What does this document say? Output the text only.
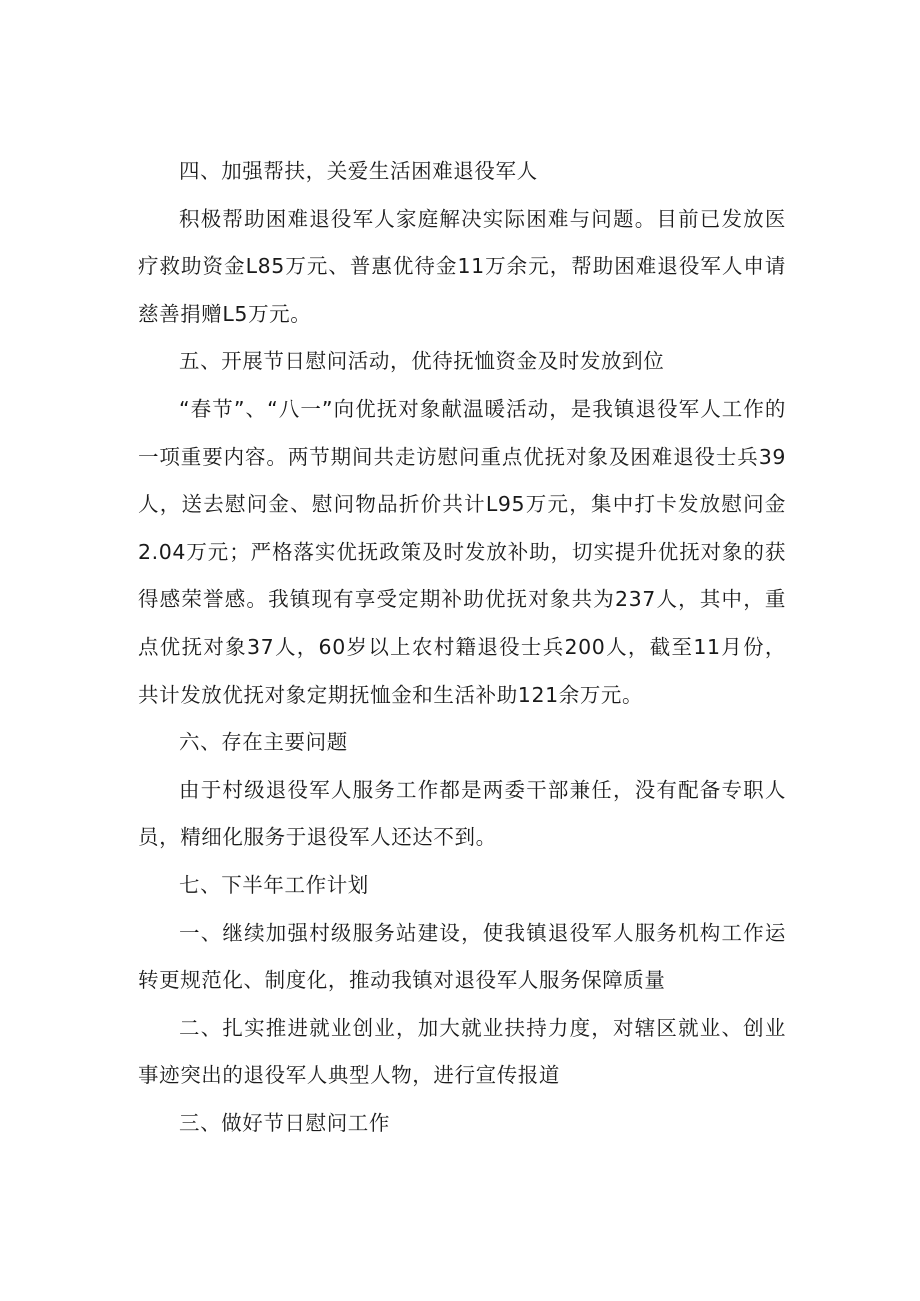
四、加强帮扶，关爱生活困难退役军人

积极帮助困难退役军人家庭解决实际困难与问题。目前已发放医疗救助资金L85万元、普惠优待金11万余元，帮助困难退役军人申请慈善捐赠L5万元。

五、开展节日慰问活动，优待抚恤资金及时发放到位

“春节”、“八一”向优抚对象献温暖活动，是我镇退役军人工作的一项重要内容。两节期间共走访慰问重点优抚对象及困难退役士兵39人，送去慰问金、慰问物品折价共计L95万元，集中打卡发放慰问金2.04万元；严格落实优抚政策及时发放补助，切实提升优抚对象的获得感荣誉感。我镇现有享受定期补助优抚对象共为237人，其中，重点优抚对象37人，60岁以上农村籍退役士兵200人，截至11月份，共计发放优抚对象定期抚恤金和生活补助121余万元。

六、存在主要问题

由于村级退役军人服务工作都是两委干部兼任，没有配备专职人员，精细化服务于退役军人还达不到。

七、下半年工作计划

一、继续加强村级服务站建设，使我镇退役军人服务机构工作运转更规范化、制度化，推动我镇对退役军人服务保障质量

二、扎实推进就业创业，加大就业扶持力度，对辖区就业、创业事迹突出的退役军人典型人物，进行宣传报道

三、做好节日慰问工作
